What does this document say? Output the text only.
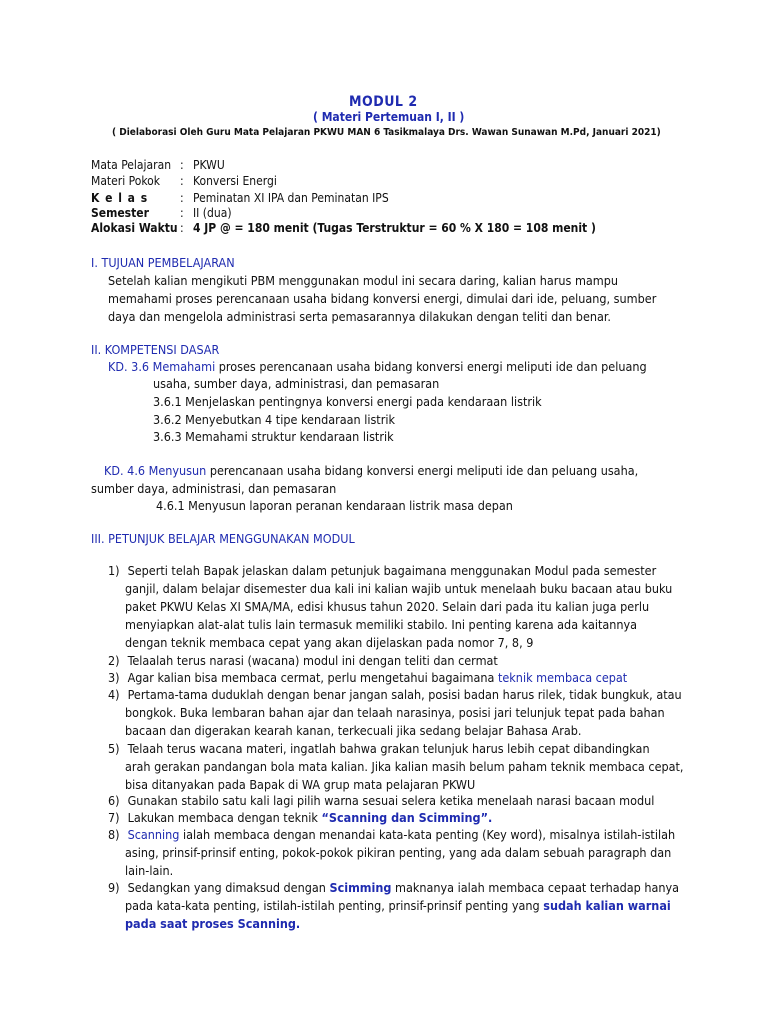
MODUL 2
( Materi Pertemuan I, II )
( Dielaborasi Oleh Guru Mata Pelajaran PKWU MAN 6 Tasikmalaya Drs. Wawan Sunawan M.Pd, Januari 2021)
Mata Pelajaran : PKWU
Materi Pokok : Konversi Energi
K e l a s	: Peminatan XI IPA dan Peminatan IPS
Semester	: II (dua)
Alokasi Waktu : 4 JP @ = 180 menit (Tugas Terstruktur = 60 % X 180 = 108 menit )
I. TUJUAN PEMBELAJARAN
Setelah kalian mengikuti PBM menggunakan modul ini secara daring, kalian harus mampu
memahami proses perencanaan usaha bidang konversi energi, dimulai dari ide, peluang, sumber
daya dan mengelola administrasi serta pemasarannya dilakukan dengan teliti dan benar.
II. KOMPETENSI DASAR
KD. 3.6 Memahami proses perencanaan usaha bidang konversi energi meliputi ide dan peluang
usaha, sumber daya, administrasi, dan pemasaran
3.6.1 Menjelaskan pentingnya konversi energi pada kendaraan listrik
3.6.2 Menyebutkan 4 tipe kendaraan listrik
3.6.3 Memahami struktur kendaraan listrik
KD. 4.6 Menyusun perencanaan usaha bidang konversi energi meliputi ide dan peluang usaha,
sumber daya, administrasi, dan pemasaran
4.6.1 Menyusun laporan peranan kendaraan listrik masa depan
III. PETUNJUK BELAJAR MENGGUNAKAN MODUL
1) Seperti telah Bapak jelaskan dalam petunjuk bagaimana menggunakan Modul pada semester
ganjil, dalam belajar disemester dua kali ini kalian wajib untuk menelaah buku bacaan atau buku
paket PKWU Kelas XI SMA/MA, edisi khusus tahun 2020. Selain dari pada itu kalian juga perlu
menyiapkan alat-alat tulis lain termasuk memiliki stabilo. Ini penting karena ada kaitannya
dengan teknik membaca cepat yang akan dijelaskan pada nomor 7, 8, 9
2) Telaalah terus narasi (wacana) modul ini dengan teliti dan cermat
3) Agar kalian bisa membaca cermat, perlu mengetahui bagaimana teknik membaca cepat
4) Pertama-tama duduklah dengan benar jangan salah, posisi badan harus rilek, tidak bungkuk, atau
bongkok. Buka lembaran bahan ajar dan telaah narasinya, posisi jari telunjuk tepat pada bahan
bacaan dan digerakan kearah kanan, terkecuali jika sedang belajar Bahasa Arab.
5) Telaah terus wacana materi, ingatlah bahwa grakan telunjuk harus lebih cepat dibandingkan
arah gerakan pandangan bola mata kalian. Jika kalian masih belum paham teknik membaca cepat,
bisa ditanyakan pada Bapak di WA grup mata pelajaran PKWU
6) Gunakan stabilo satu kali lagi pilih warna sesuai selera ketika menelaah narasi bacaan modul
7) Lakukan membaca dengan teknik “Scanning dan Scimming”.
8) Scanning ialah membaca dengan menandai kata-kata penting (Key word), misalnya istilah-istilah
asing, prinsif-prinsif enting, pokok-pokok pikiran penting, yang ada dalam sebuah paragraph dan
lain-lain.
9) Sedangkan yang dimaksud dengan Scimming maknanya ialah membaca cepaat terhadap hanya
pada kata-kata penting, istilah-istilah penting, prinsif-prinsif penting yang sudah kalian warnai
pada saat proses Scanning.
